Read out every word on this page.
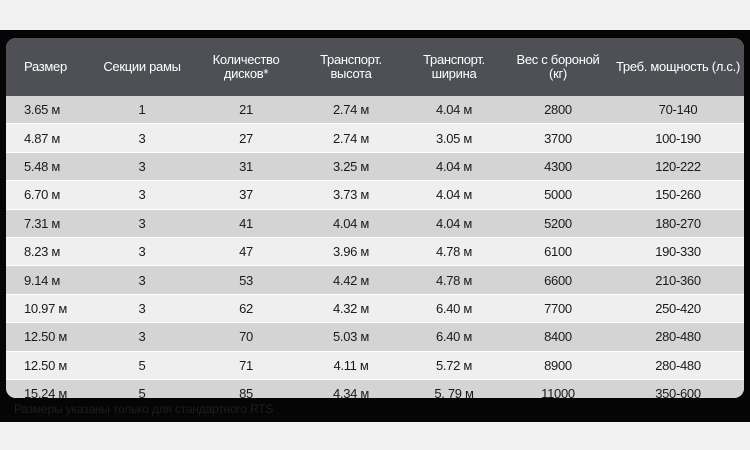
Размер	Секции рамы	Количество дисков*	Транспорт. высота	Транспорт. ширина	Вес с бороной (кг)	Треб. мощность (л.с.)
3.65 м	1	21	2.74 м	4.04 м	2800	70-140
4.87 м	3	27	2.74 м	3.05 м	3700	100-190
5.48 м	3	31	3.25 м	4.04 м	4300	120-222
6.70 м	3	37	3.73 м	4.04 м	5000	150-260
7.31 м	3	41	4.04 м	4.04 м	5200	180-270
8.23 м	3	47	3.96 м	4.78 м	6100	190-330
9.14 м	3	53	4.42 м	4.78 м	6600	210-360
10.97 м	3	62	4.32 м	6.40 м	7700	250-420
12.50 м	3	70	5.03 м	6.40 м	8400	280-480
12.50 м	5	71	4.11 м	5.72 м	8900	280-480
15.24 м	5	85	4.34 м	5. 79 м	11000	350-600
Размеры указаны только для стандартного RTS
